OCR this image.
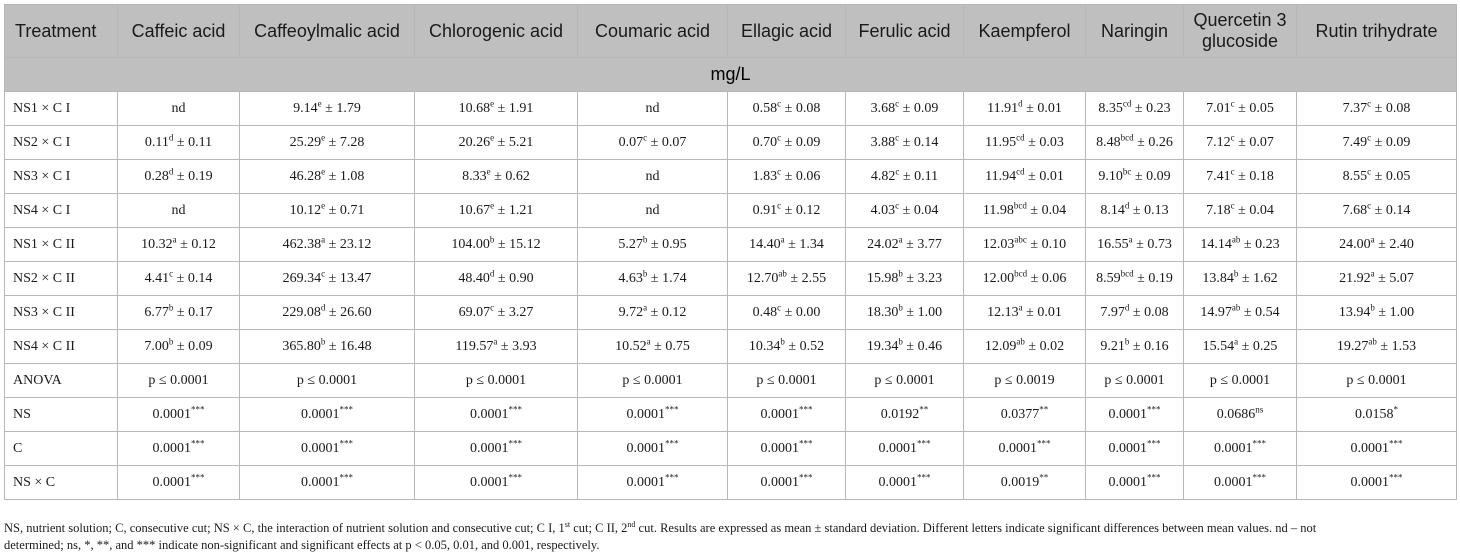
Treatment	Caffeic acid	Caffeoylmalic acid	Chlorogenic acid	Coumaric acid	Ellagic acid	Ferulic acid	Kaempferol	Naringin	Quercetin 3 glucoside	Rutin trihydrate
mg/L										
NS1 × C I	nd	9.14$^e$ ± 1.79	10.68$^e$ ± 1.91	nd	0.58$^c$ ± 0.08	3.68$^c$ ± 0.09	11.91$^d$ ± 0.01	8.35$^{cd}$ ± 0.23	7.01$^c$ ± 0.05	7.37$^c$ ± 0.08
NS2 × C I	0.11$^d$ ± 0.11	25.29$^e$ ± 7.28	20.26$^e$ ± 5.21	0.07$^c$ ± 0.07	0.70$^c$ ± 0.09	3.88$^c$ ± 0.14	11.95$^{cd}$ ± 0.03	8.48$^{bcd}$ ± 0.26	7.12$^c$ ± 0.07	7.49$^c$ ± 0.09
NS3 × C I	0.28$^d$ ± 0.19	46.28$^e$ ± 1.08	8.33$^e$ ± 0.62	nd	1.83$^c$ ± 0.06	4.82$^c$ ± 0.11	11.94$^{cd}$ ± 0.01	9.10$^{bc}$ ± 0.09	7.41$^c$ ± 0.18	8.55$^c$ ± 0.05
NS4 × C I	nd	10.12$^e$ ± 0.71	10.67$^e$ ± 1.21	nd	0.91$^c$ ± 0.12	4.03$^c$ ± 0.04	11.98$^{bcd}$ ± 0.04	8.14$^d$ ± 0.13	7.18$^c$ ± 0.04	7.68$^c$ ± 0.14
NS1 × C II	10.32$^a$ ± 0.12	462.38$^a$ ± 23.12	104.00$^b$ ± 15.12	5.27$^b$ ± 0.95	14.40$^a$ ± 1.34	24.02$^a$ ± 3.77	12.03$^{abc}$ ± 0.10	16.55$^a$ ± 0.73	14.14$^{ab}$ ± 0.23	24.00$^a$ ± 2.40
NS2 × C II	4.41$^c$ ± 0.14	269.34$^c$ ± 13.47	48.40$^d$ ± 0.90	4.63$^b$ ± 1.74	12.70$^{ab}$ ± 2.55	15.98$^b$ ± 3.23	12.00$^{bcd}$ ± 0.06	8.59$^{bcd}$ ± 0.19	13.84$^b$ ± 1.62	21.92$^a$ ± 5.07
NS3 × C II	6.77$^b$ ± 0.17	229.08$^d$ ± 26.60	69.07$^c$ ± 3.27	9.72$^a$ ± 0.12	0.48$^c$ ± 0.00	18.30$^b$ ± 1.00	12.13$^a$ ± 0.01	7.97$^d$ ± 0.08	14.97$^{ab}$ ± 0.54	13.94$^b$ ± 1.00
NS4 × C II	7.00$^b$ ± 0.09	365.80$^b$ ± 16.48	119.57$^a$ ± 3.93	10.52$^a$ ± 0.75	10.34$^b$ ± 0.52	19.34$^b$ ± 0.46	12.09$^{ab}$ ± 0.02	9.21$^b$ ± 0.16	15.54$^a$ ± 0.25	19.27$^{ab}$ ± 1.53
ANOVA	p ≤ 0.0001	p ≤ 0.0001	p ≤ 0.0001	p ≤ 0.0001	p ≤ 0.0001	p ≤ 0.0001	p ≤ 0.0019	p ≤ 0.0001	p ≤ 0.0001	p ≤ 0.0001
NS	0.0001***	0.0001***	0.0001***	0.0001***	0.0001***	0.0192**	0.0377**	0.0001***	$0.0686^{ns}$	0.0158*
C	0.0001***	0.0001***	0.0001***	0.0001***	0.0001***	0.0001***	0.0001***	0.0001***	0.0001***	0.0001***
NS × C	0.0001***	0.0001***	0.0001***	0.0001***	0.0001***	0.0001***	0.0019**	0.0001***	0.0001***	0.0001***
NS, nutrient solution; C, consecutive cut; NS × C, the interaction of nutrient solution and consecutive cut; C I, 1st cut; C II, 2nd cut. Results are expressed as mean ± standard deviation. Different letters indicate significant differences between mean values. nd – not
determined; ns, *, **, and *** indicate non-significant and significant effects at p < 0.05, 0.01, and 0.001, respectively.
